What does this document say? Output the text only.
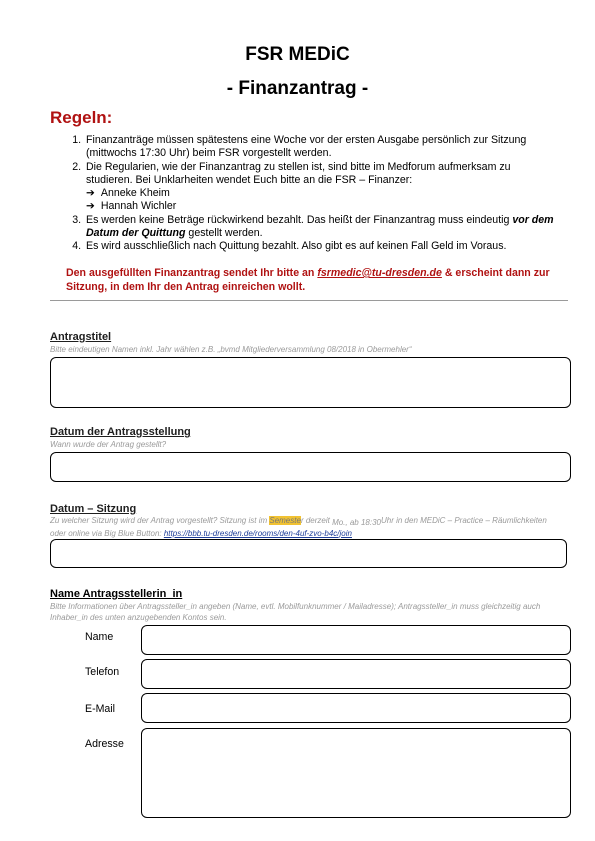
FSR MEDiC
- Finanzantrag -
Regeln:
1. Finanzanträge müssen spätestens eine Woche vor der ersten Ausgabe persönlich zur Sitzung (mittwochs 17:30 Uhr) beim FSR vorgestellt werden.
2. Die Regularien, wie der Finanzantrag zu stellen ist, sind bitte im Medforum aufmerksam zu studieren. Bei Unklarheiten wendet Euch bitte an die FSR – Finanzer:
➔ Anneke Kheim
➔ Hannah Wichler
3. Es werden keine Beträge rückwirkend bezahlt. Das heißt der Finanzantrag muss eindeutig vor dem Datum der Quittung gestellt werden.
4. Es wird ausschließlich nach Quittung bezahlt. Also gibt es auf keinen Fall Geld im Voraus.
Den ausgefüllten Finanzantrag sendet Ihr bitte an fsrmedic@tu-dresden.de & erscheint dann zur Sitzung, in dem Ihr den Antrag einreichen wollt.
Antragstitel
Bitte eindeutigen Namen inkl. Jahr wählen z.B. „bvmd Mitgliederversammlung 08/2018 in Obermehler“
Datum der Antragsstellung
Wann wurde der Antrag gestellt?
Datum – Sitzung
Zu welcher Sitzung wird der Antrag vorgestellt? Sitzung ist im Semester derzeit Mo., ab 18:30Uhr in den MEDiC – Practice – Räumlichkeiten oder online via Big Blue Button: https://bbb.tu-dresden.de/rooms/den-4uf-zvo-b4c/join
Name Antragsstellerin_in
Bitte Informationen über Antragssteller_in angeben (Name, evtl. Mobilfunknummer / Mailadresse); Antragssteller_in muss gleichzeitig auch Inhaber_in des unten anzugebenden Kontos sein.
Name
Telefon
E-Mail
Adresse
